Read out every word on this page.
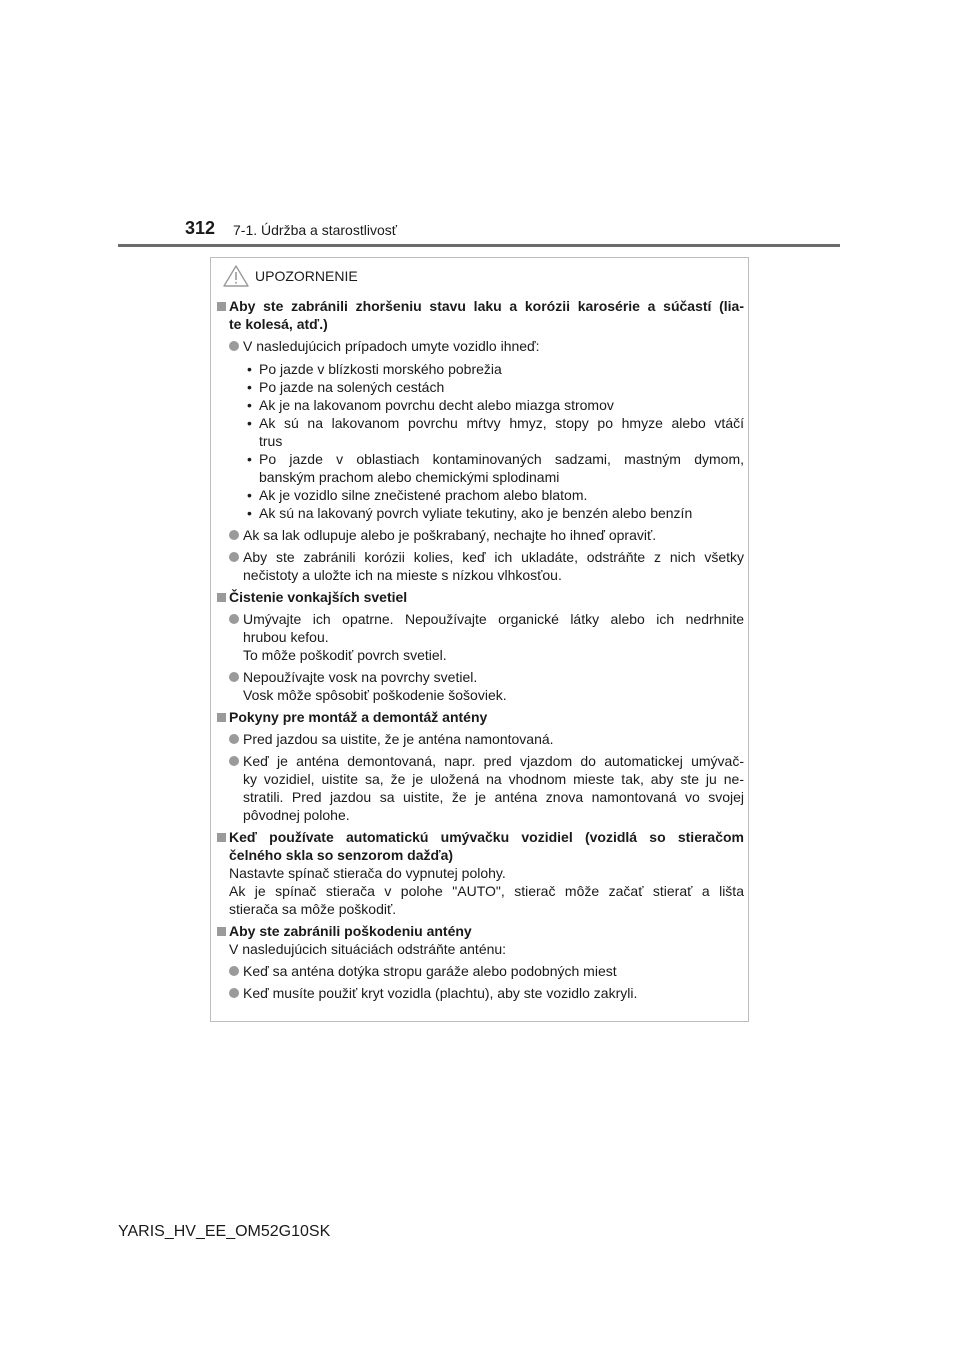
312 7-1. Údržba a starostlivosť
UPOZORNENIE
Aby ste zabránili zhoršeniu stavu laku a korózii karosérie a súčastí (lia-
te kolesá, atď.)
V nasledujúcich prípadoch umyte vozidlo ihneď:
• Po jazde v blízkosti morského pobrežia
• Po jazde na solených cestách
• Ak je na lakovanom povrchu decht alebo miazga stromov
• Ak sú na lakovanom povrchu mŕtvy hmyz, stopy po hmyze alebo vtáčí
trus
• Po jazde v oblastiach kontaminovaných sadzami, mastným dymom,
banským prachom alebo chemickými splodinami
• Ak je vozidlo silne znečistené prachom alebo blatom.
• Ak sú na lakovaný povrch vyliate tekutiny, ako je benzén alebo benzín
Ak sa lak odlupuje alebo je poškrabaný, nechajte ho ihneď opraviť.
Aby ste zabránili korózii kolies, keď ich ukladáte, odstráňte z nich všetky
nečistoty a uložte ich na mieste s nízkou vlhkosťou.
Čistenie vonkajších svetiel
Umývajte ich opatrne. Nepoužívajte organické látky alebo ich nedrhnite
hrubou kefou.
To môže poškodiť povrch svetiel.
Nepoužívajte vosk na povrchy svetiel.
Vosk môže spôsobiť poškodenie šošoviek.
Pokyny pre montáž a demontáž antény
Pred jazdou sa uistite, že je anténa namontovaná.
Keď je anténa demontovaná, napr. pred vjazdom do automatickej umývač-
ky vozidiel, uistite sa, že je uložená na vhodnom mieste tak, aby ste ju ne-
stratili. Pred jazdou sa uistite, že je anténa znova namontovaná vo svojej
pôvodnej polohe.
Keď používate automatickú umývačku vozidiel (vozidlá so stieračom
čelného skla so senzorom dažďa)
Nastavte spínač stierača do vypnutej polohy.
Ak je spínač stierača v polohe "AUTO", stierač môže začať stierať a lišta
stierača sa môže poškodiť.
Aby ste zabránili poškodeniu antény
V nasledujúcich situáciách odstráňte anténu:
Keď sa anténa dotýka stropu garáže alebo podobných miest
Keď musíte použiť kryt vozidla (plachtu), aby ste vozidlo zakryli.
YARIS_HV_EE_OM52G10SK
